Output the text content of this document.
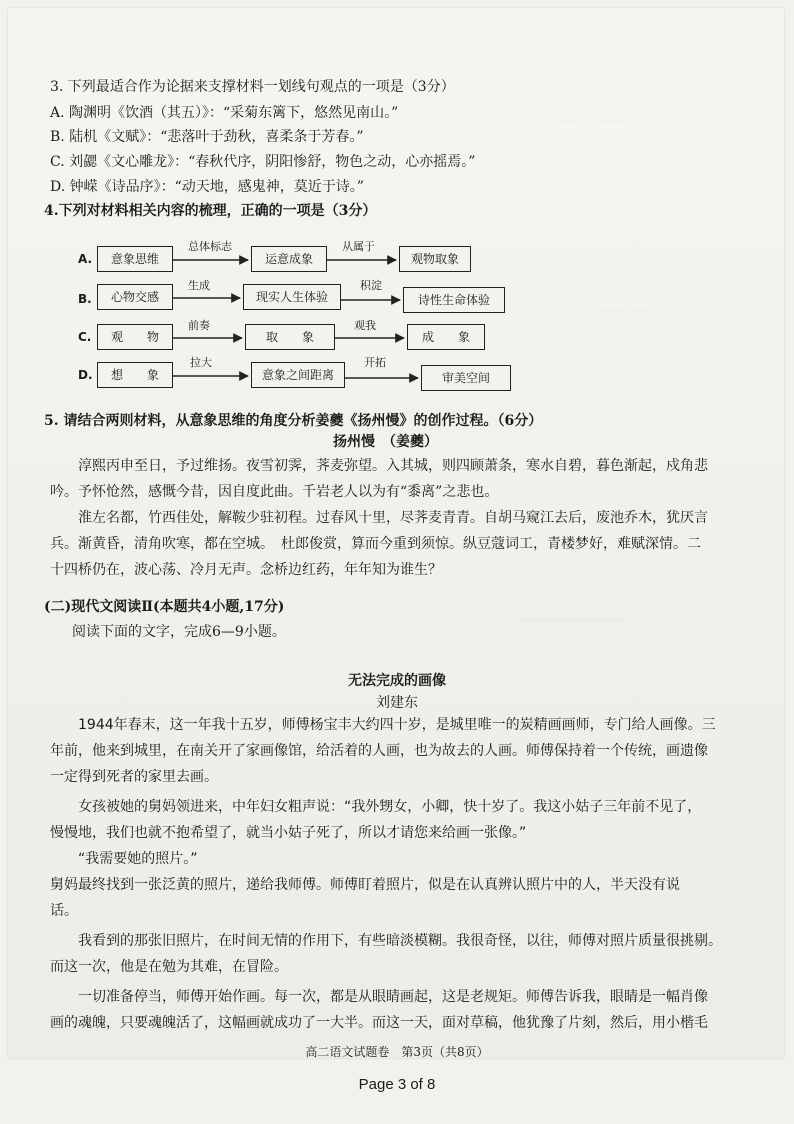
………………
…………
……………………
3. 下列最适合作为论据来支撑材料一划线句观点的一项是（3分）
A. 陶渊明《饮酒（其五）》：“采菊东篱下，悠然见南山。”
B. 陆机《文赋》：“悲落叶于劲秋，喜柔条于芳春。”
C. 刘勰《文心雕龙》：“春秋代序，阴阳惨舒，物色之动，心亦摇焉。”
D. 钟嵘《诗品序》：“动天地，感鬼神，莫近于诗。”
4.下列对材料相关内容的梳理，正确的一项是（3分）
A.	意象思维	运意成象	观物取象
总体标志	从属于
B.	心物交感	现实人生体验	诗性生命体验
生成	积淀
C.	观　　物	取　　象	成　　象
前奏	观我
D.	想　　象	意象之间距离	审美空间
拉大	开拓
5. 请结合两则材料，从意象思维的角度分析姜夔《扬州慢》的创作过程。（6分）
扬州慢　（姜夔）
淳熙丙申至日，予过维扬。夜雪初霁，荠麦弥望。入其城，则四顾萧条，寒水自碧，暮色渐起，戍角悲
吟。予怀怆然，感慨今昔，因自度此曲。千岩老人以为有“黍离”之悲也。
淮左名都，竹西佳处，解鞍少驻初程。过春风十里，尽荠麦青青。自胡马窥江去后，废池乔木，犹厌言
兵。渐黄昏，清角吹寒，都在空城。　杜郎俊赏，算而今重到须惊。纵豆蔻词工，青楼梦好，难赋深情。二
十四桥仍在，波心荡、冷月无声。念桥边红药，年年知为谁生？
(二)现代文阅读Ⅱ(本题共4小题,17分)
阅读下面的文字，完成6—9小题。
无法完成的画像
刘建东
1944年春末，这一年我十五岁，师傅杨宝丰大约四十岁，是城里唯一的炭精画画师，专门给人画像。三
年前，他来到城里，在南关开了家画像馆，给活着的人画，也为故去的人画。师傅保持着一个传统，画遗像
一定得到死者的家里去画。
女孩被她的舅妈领进来，中年妇女粗声说：“我外甥女，小卿，快十岁了。我这小姑子三年前不见了，
慢慢地，我们也就不抱希望了，就当小姑子死了，所以才请您来给画一张像。”
“我需要她的照片。”
舅妈最终找到一张泛黄的照片，递给我师傅。师傅盯着照片，似是在认真辨认照片中的人，半天没有说
话。
我看到的那张旧照片，在时间无情的作用下，有些暗淡模糊。我很奇怪，以往，师傅对照片质量很挑剔。
而这一次，他是在勉为其难，在冒险。
一切准备停当，师傅开始作画。每一次，都是从眼睛画起，这是老规矩。师傅告诉我，眼睛是一幅肖像
画的魂魄，只要魂魄活了，这幅画就成功了一大半。而这一天，面对草稿，他犹豫了片刻，然后，用小楷毛
高二语文试题卷　第3页（共8页）
Page 3 of 8
